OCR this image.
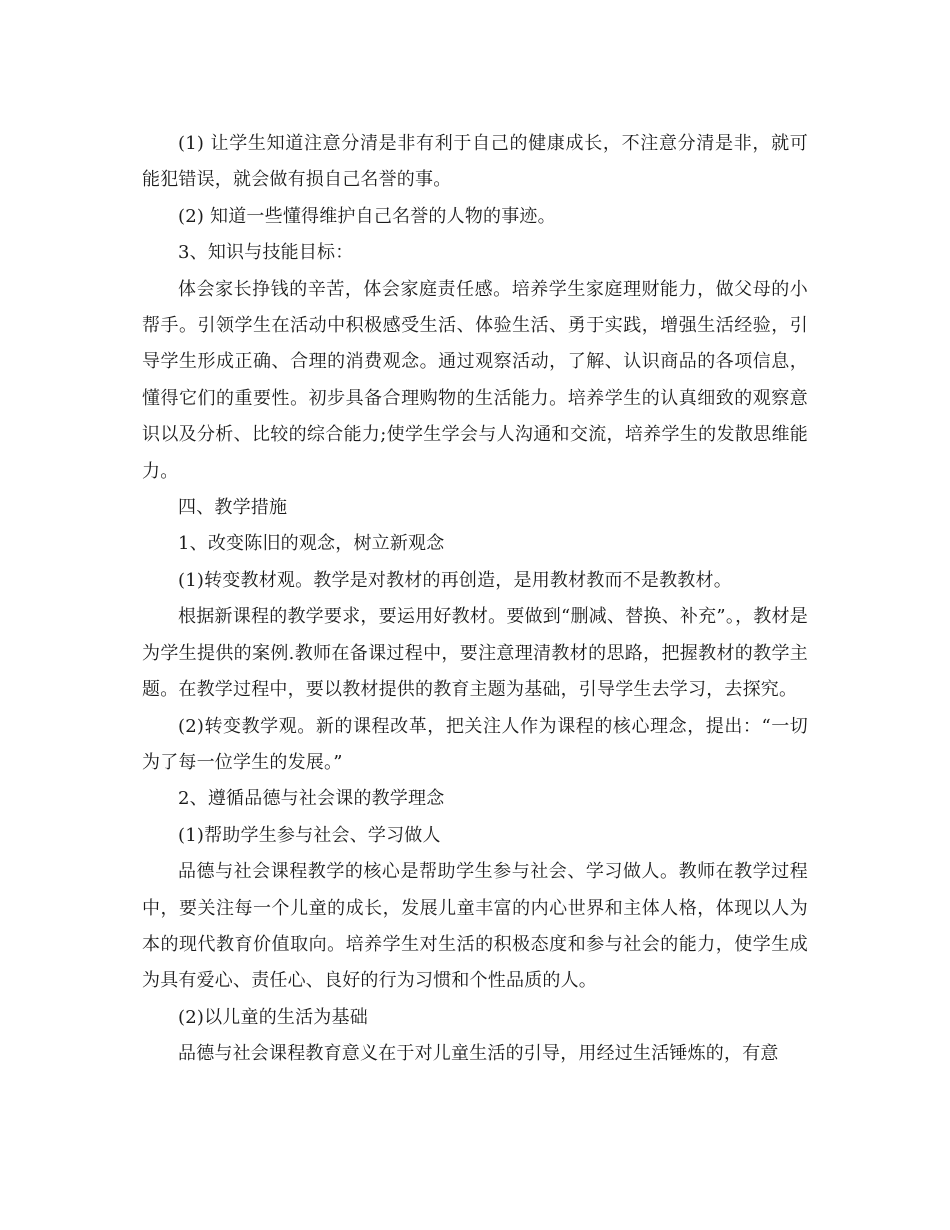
(1) 让学生知道注意分清是非有利于自己的健康成长，不注意分清是非，就可能犯错误，就会做有损自己名誉的事。

(2) 知道一些懂得维护自己名誉的人物的事迹。

3、知识与技能目标：

体会家长挣钱的辛苦，体会家庭责任感。培养学生家庭理财能力，做父母的小帮手。引领学生在活动中积极感受生活、体验生活、勇于实践，增强生活经验，引导学生形成正确、合理的消费观念。通过观察活动，了解、认识商品的各项信息，懂得它们的重要性。初步具备合理购物的生活能力。培养学生的认真细致的观察意识以及分析、比较的综合能力;使学生学会与人沟通和交流，培养学生的发散思维能力。

四、教学措施

1、改变陈旧的观念，树立新观念

(1)转变教材观。教学是对教材的再创造，是用教材教而不是教教材。

根据新课程的教学要求，要运用好教材。要做到“删减、替换、补充”。，教材是为学生提供的案例.教师在备课过程中，要注意理清教材的思路，把握教材的教学主题。在教学过程中，要以教材提供的教育主题为基础，引导学生去学习，去探究。

(2)转变教学观。新的课程改革，把关注人作为课程的核心理念，提出：“一切为了每一位学生的发展。”

2、遵循品德与社会课的教学理念

(1)帮助学生参与社会、学习做人

品德与社会课程教学的核心是帮助学生参与社会、学习做人。教师在教学过程中，要关注每一个儿童的成长，发展儿童丰富的内心世界和主体人格，体现以人为本的现代教育价值取向。培养学生对生活的积极态度和参与社会的能力，使学生成为具有爱心、责任心、良好的行为习惯和个性品质的人。

(2)以儿童的生活为基础

品德与社会课程教育意义在于对儿童生活的引导，用经过生活锤炼的，有意
